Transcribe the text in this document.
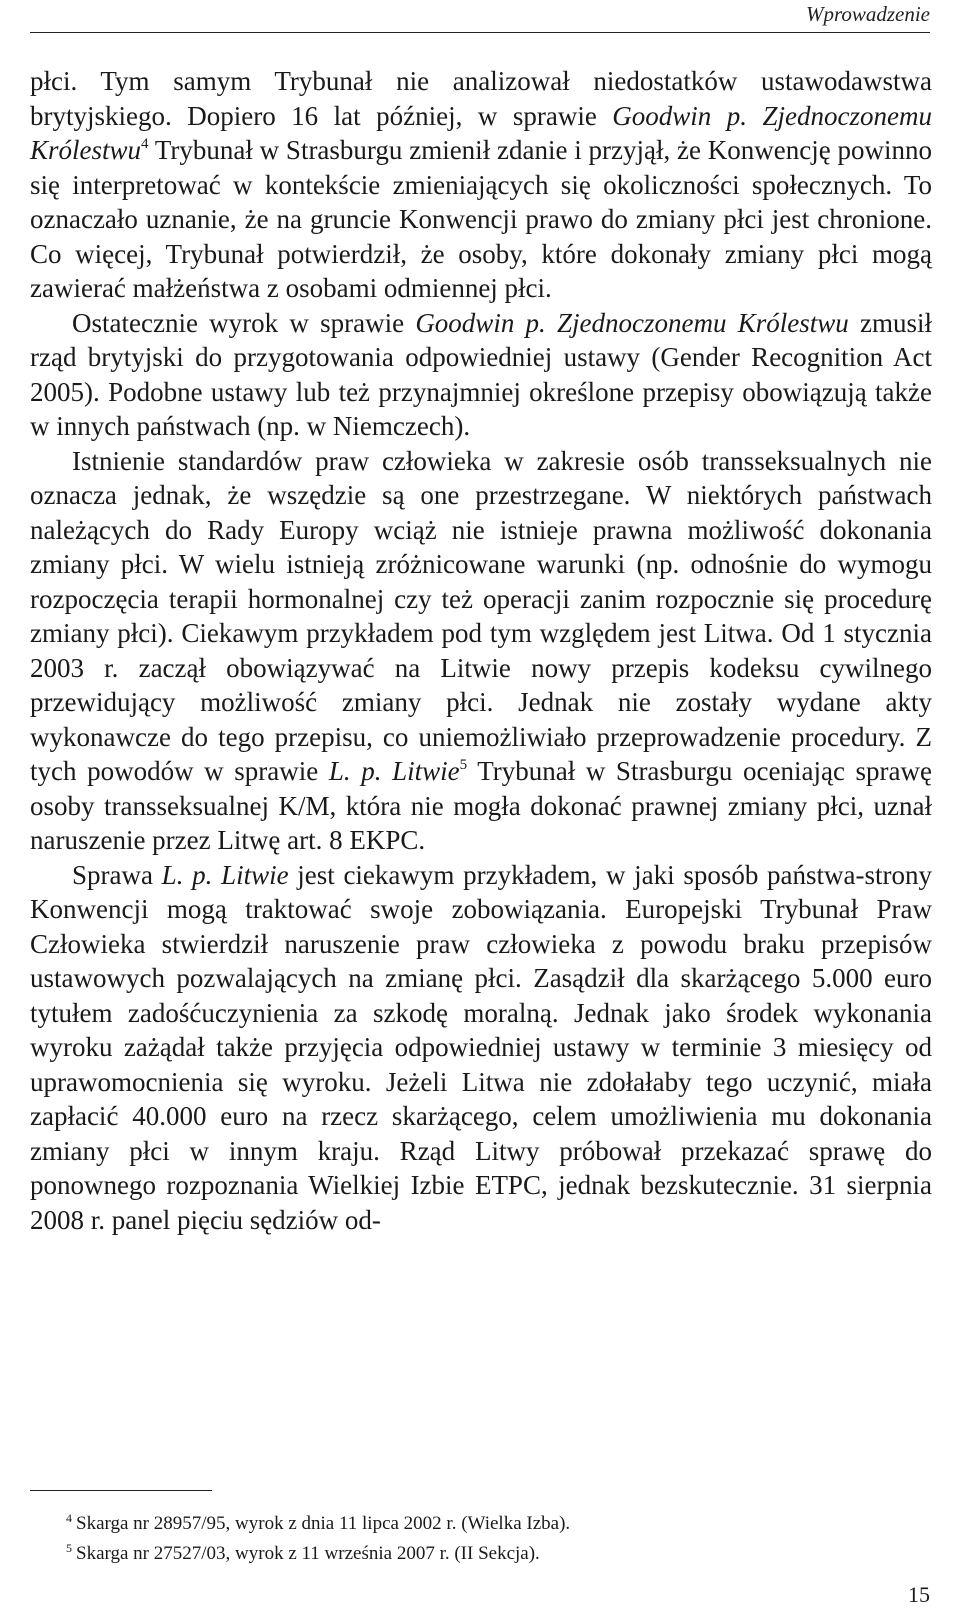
Wprowadzenie

płci. Tym samym Trybunał nie analizował niedostatków ustawodawstwa brytyjskiego. Dopiero 16 lat później, w sprawie Goodwin p. Zjednoczonemu Królestwu$^4$ Trybunał w Strasburgu zmienił zdanie i przyjął, że Konwencję powinno się interpretować w kontekście zmieniających się okoliczności społecznych. To oznaczało uznanie, że na gruncie Konwencji prawo do zmiany płci jest chronione. Co więcej, Trybunał potwierdził, że osoby, które dokonały zmiany płci mogą zawierać małżeństwa z osobami odmiennej płci.

Ostatecznie wyrok w sprawie Goodwin p. Zjednoczonemu Królestwu zmusił rząd brytyjski do przygotowania odpowiedniej ustawy (Gender Recognition Act 2005). Podobne ustawy lub też przynajmniej określone przepisy obowiązują także w innych państwach (np. w Niemczech).

Istnienie standardów praw człowieka w zakresie osób transseksualnych nie oznacza jednak, że wszędzie są one przestrzegane. W niektórych państwach należących do Rady Europy wciąż nie istnieje prawna możliwość dokonania zmiany płci. W wielu istnieją zróżnicowane warunki (np. odnośnie do wymogu rozpoczęcia terapii hormonalnej czy też operacji zanim rozpocznie się procedurę zmiany płci). Ciekawym przykładem pod tym względem jest Litwa. Od 1 stycznia 2003 r. zaczął obowiązywać na Litwie nowy przepis kodeksu cywilnego przewidujący możliwość zmiany płci. Jednak nie zostały wydane akty wykonawcze do tego przepisu, co uniemożliwiało przeprowadzenie procedury. Z tych powodów w sprawie L. p. Litwie$^5$ Trybunał w Strasburgu oceniając sprawę osoby transseksualnej K/M, która nie mogła dokonać prawnej zmiany płci, uznał naruszenie przez Litwę art. 8 EKPC.

Sprawa L. p. Litwie jest ciekawym przykładem, w jaki sposób państwa-strony Konwencji mogą traktować swoje zobowiązania. Europejski Trybunał Praw Człowieka stwierdził naruszenie praw człowieka z powodu braku przepisów ustawowych pozwalających na zmianę płci. Zasądził dla skarżącego 5.000 euro tytułem zadośćuczynienia za szkodę moralną. Jednak jako środek wykonania wyroku zażądał także przyjęcia odpowiedniej ustawy w terminie 3 miesięcy od uprawomocnienia się wyroku. Jeżeli Litwa nie zdołałaby tego uczynić, miała zapłacić 40.000 euro na rzecz skarżącego, celem umożliwienia mu dokonania zmiany płci w innym kraju. Rząd Litwy próbował przekazać sprawę do ponownego rozpoznania Wielkiej Izbie ETPC, jednak bezskutecznie. 31 sierpnia 2008 r. panel pięciu sędziów od-

$^4$ Skarga nr 28957/95, wyrok z dnia 11 lipca 2002 r. (Wielka Izba).
$^5$ Skarga nr 27527/03, wyrok z 11 września 2007 r. (II Sekcja).
15
